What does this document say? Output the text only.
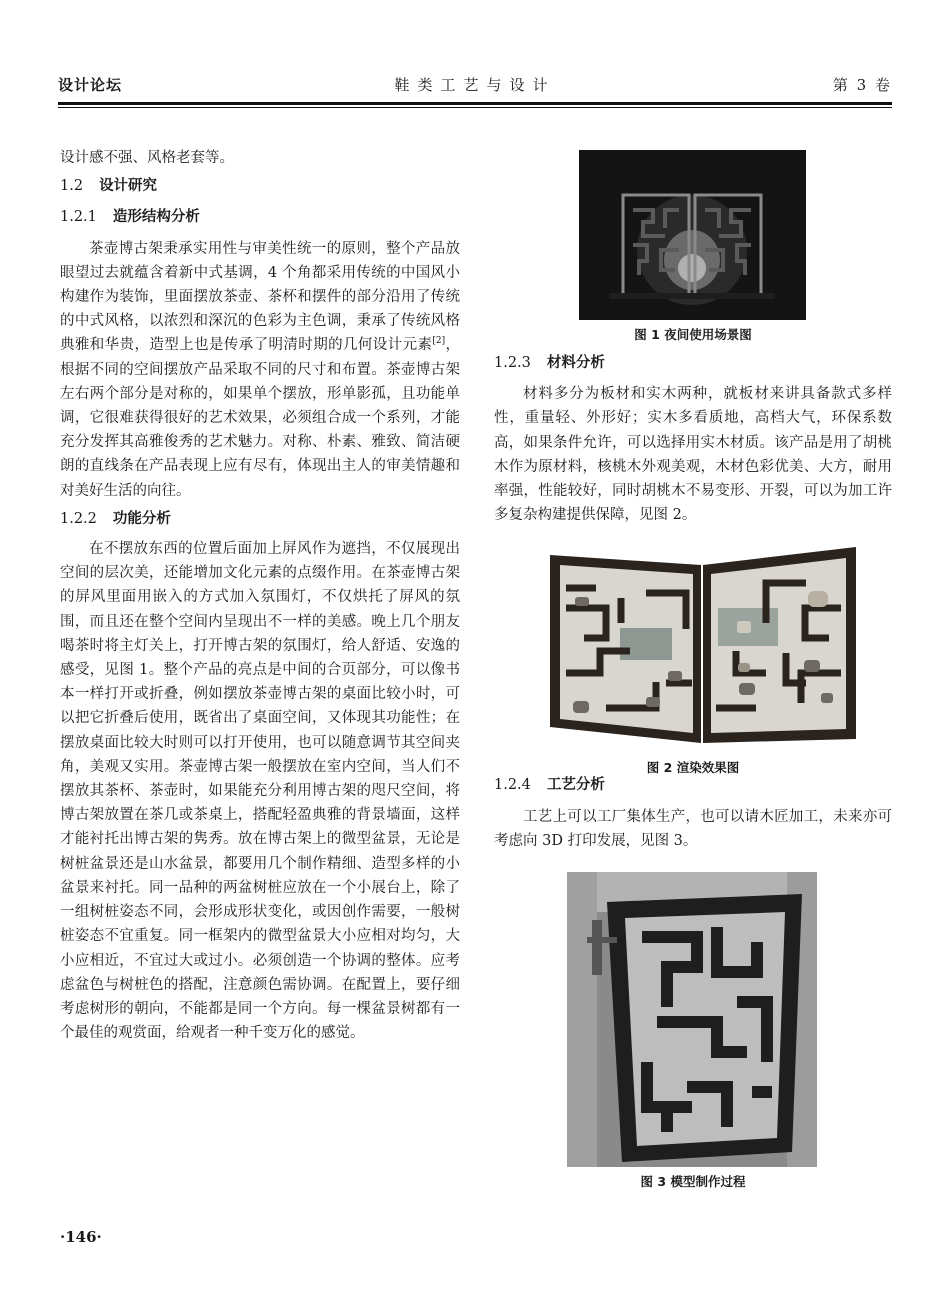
设计论坛	鞋类工艺与设计	第 3 卷

设计感不强、风格老套等。

1.2 设计研究

1.2.1 造形结构分析

茶壶博古架秉承实用性与审美性统一的原则，整个产品放眼望过去就蕴含着新中式基调，4 个角都采用传统的中国风小构建作为装饰，里面摆放茶壶、茶杯和摆件的部分沿用了传统的中式风格，以浓烈和深沉的色彩为主色调，秉承了传统风格典雅和华贵，造型上也是传承了明清时期的几何设计元素[2]，根据不同的空间摆放产品采取不同的尺寸和布置。茶壶博古架左右两个部分是对称的，如果单个摆放，形单影孤，且功能单调，它很难获得很好的艺术效果，必须组合成一个系列，才能充分发挥其高雅俊秀的艺术魅力。对称、朴素、雅致、简洁硬朗的直线条在产品表现上应有尽有，体现出主人的审美情趣和对美好生活的向往。

1.2.2 功能分析

在不摆放东西的位置后面加上屏风作为遮挡，不仅展现出空间的层次美，还能增加文化元素的点缀作用。在茶壶博古架的屏风里面用嵌入的方式加入氛围灯，不仅烘托了屏风的氛围，而且还在整个空间内呈现出不一样的美感。晚上几个朋友喝茶时将主灯关上，打开博古架的氛围灯，给人舒适、安逸的感受，见图 1。整个产品的亮点是中间的合页部分，可以像书本一样打开或折叠，例如摆放茶壶博古架的桌面比较小时，可以把它折叠后使用，既省出了桌面空间，又体现其功能性；在摆放桌面比较大时则可以打开使用，也可以随意调节其空间夹角，美观又实用。茶壶博古架一般摆放在室内空间，当人们不摆放其茶杯、茶壶时，如果能充分利用博古架的咫尺空间，将博古架放置在茶几或茶桌上，搭配轻盈典雅的背景墙面，这样才能衬托出博古架的隽秀。放在博古架上的微型盆景，无论是树桩盆景还是山水盆景，都要用几个制作精细、造型多样的小盆景来衬托。同一品种的两盆树桩应放在一个小展台上，除了一组树桩姿态不同，会形成形状变化，或因创作需要，一般树桩姿态不宜重复。同一框架内的微型盆景大小应相对均匀，大小应相近，不宜过大或过小。必须创造一个协调的整体。应考虑盆色与树桩色的搭配，注意颜色需协调。在配置上，要仔细考虑树形的朝向，不能都是同一个方向。每一棵盆景树都有一个最佳的观赏面，给观者一种千变万化的感觉。

1.2.3 材料分析

材料多分为板材和实木两种，就板材来讲具备款式多样性，重量轻、外形好；实木多看质地，高档大气，环保系数高，如果条件允许，可以选择用实木材质。该产品是用了胡桃木作为原材料，核桃木外观美观，木材色彩优美、大方，耐用率强，性能较好，同时胡桃木不易变形、开裂，可以为加工许多复杂构建提供保障，见图 2。

1.2.4 工艺分析

工艺上可以工厂集体生产，也可以请木匠加工，未来亦可考虑向 3D 打印发展，见图 3。

图 1 夜间使用场景图
图 2 渲染效果图
图 3 模型制作过程
·146·
